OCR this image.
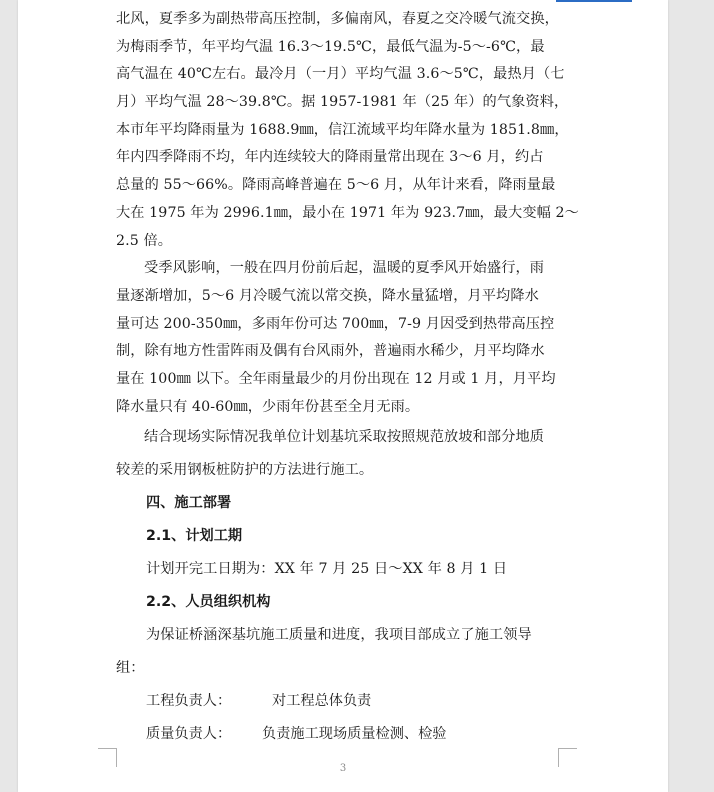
北风，夏季多为副热带高压控制，多偏南风，春夏之交冷暖气流交换，
为梅雨季节，年平均气温 16.3～19.5℃，最低气温为-5～-6℃，最
高气温在 40℃左右。最冷月（一月）平均气温 3.6～5℃，最热月（七
月）平均气温 28～39.8℃。据 1957-1981 年（25 年）的气象资料，
本市年平均降雨量为 1688.9㎜，信江流域平均年降水量为 1851.8㎜，
年内四季降雨不均，年内连续较大的降雨量常出现在 3～6 月，约占
总量的 55～66%。降雨高峰普遍在 5～6 月，从年计来看，降雨量最
大在 1975 年为 2996.1㎜，最小在 1971 年为 923.7㎜，最大变幅 2～
2.5 倍。
受季风影响，一般在四月份前后起，温暖的夏季风开始盛行，雨
量逐渐增加，5～6 月冷暖气流以常交换，降水量猛增，月平均降水
量可达 200-350㎜，多雨年份可达 700㎜，7-9 月因受到热带高压控
制，除有地方性雷阵雨及偶有台风雨外，普遍雨水稀少，月平均降水
量在 100㎜ 以下。全年雨量最少的月份出现在 12 月或 1 月，月平均
降水量只有 40-60㎜，少雨年份甚至全月无雨。
结合现场实际情况我单位计划基坑采取按照规范放坡和部分地质
较差的采用钢板桩防护的方法进行施工。
四、施工部署
2.1、计划工期
计划开完工日期为：XX 年 7 月 25 日～XX 年 8 月 1 日
2.2、人员组织机构
为保证桥涵深基坑施工质量和进度，我项目部成立了施工领导
组：
工程负责人：	对工程总体负责
质量负责人： 负责施工现场质量检测、检验
3
